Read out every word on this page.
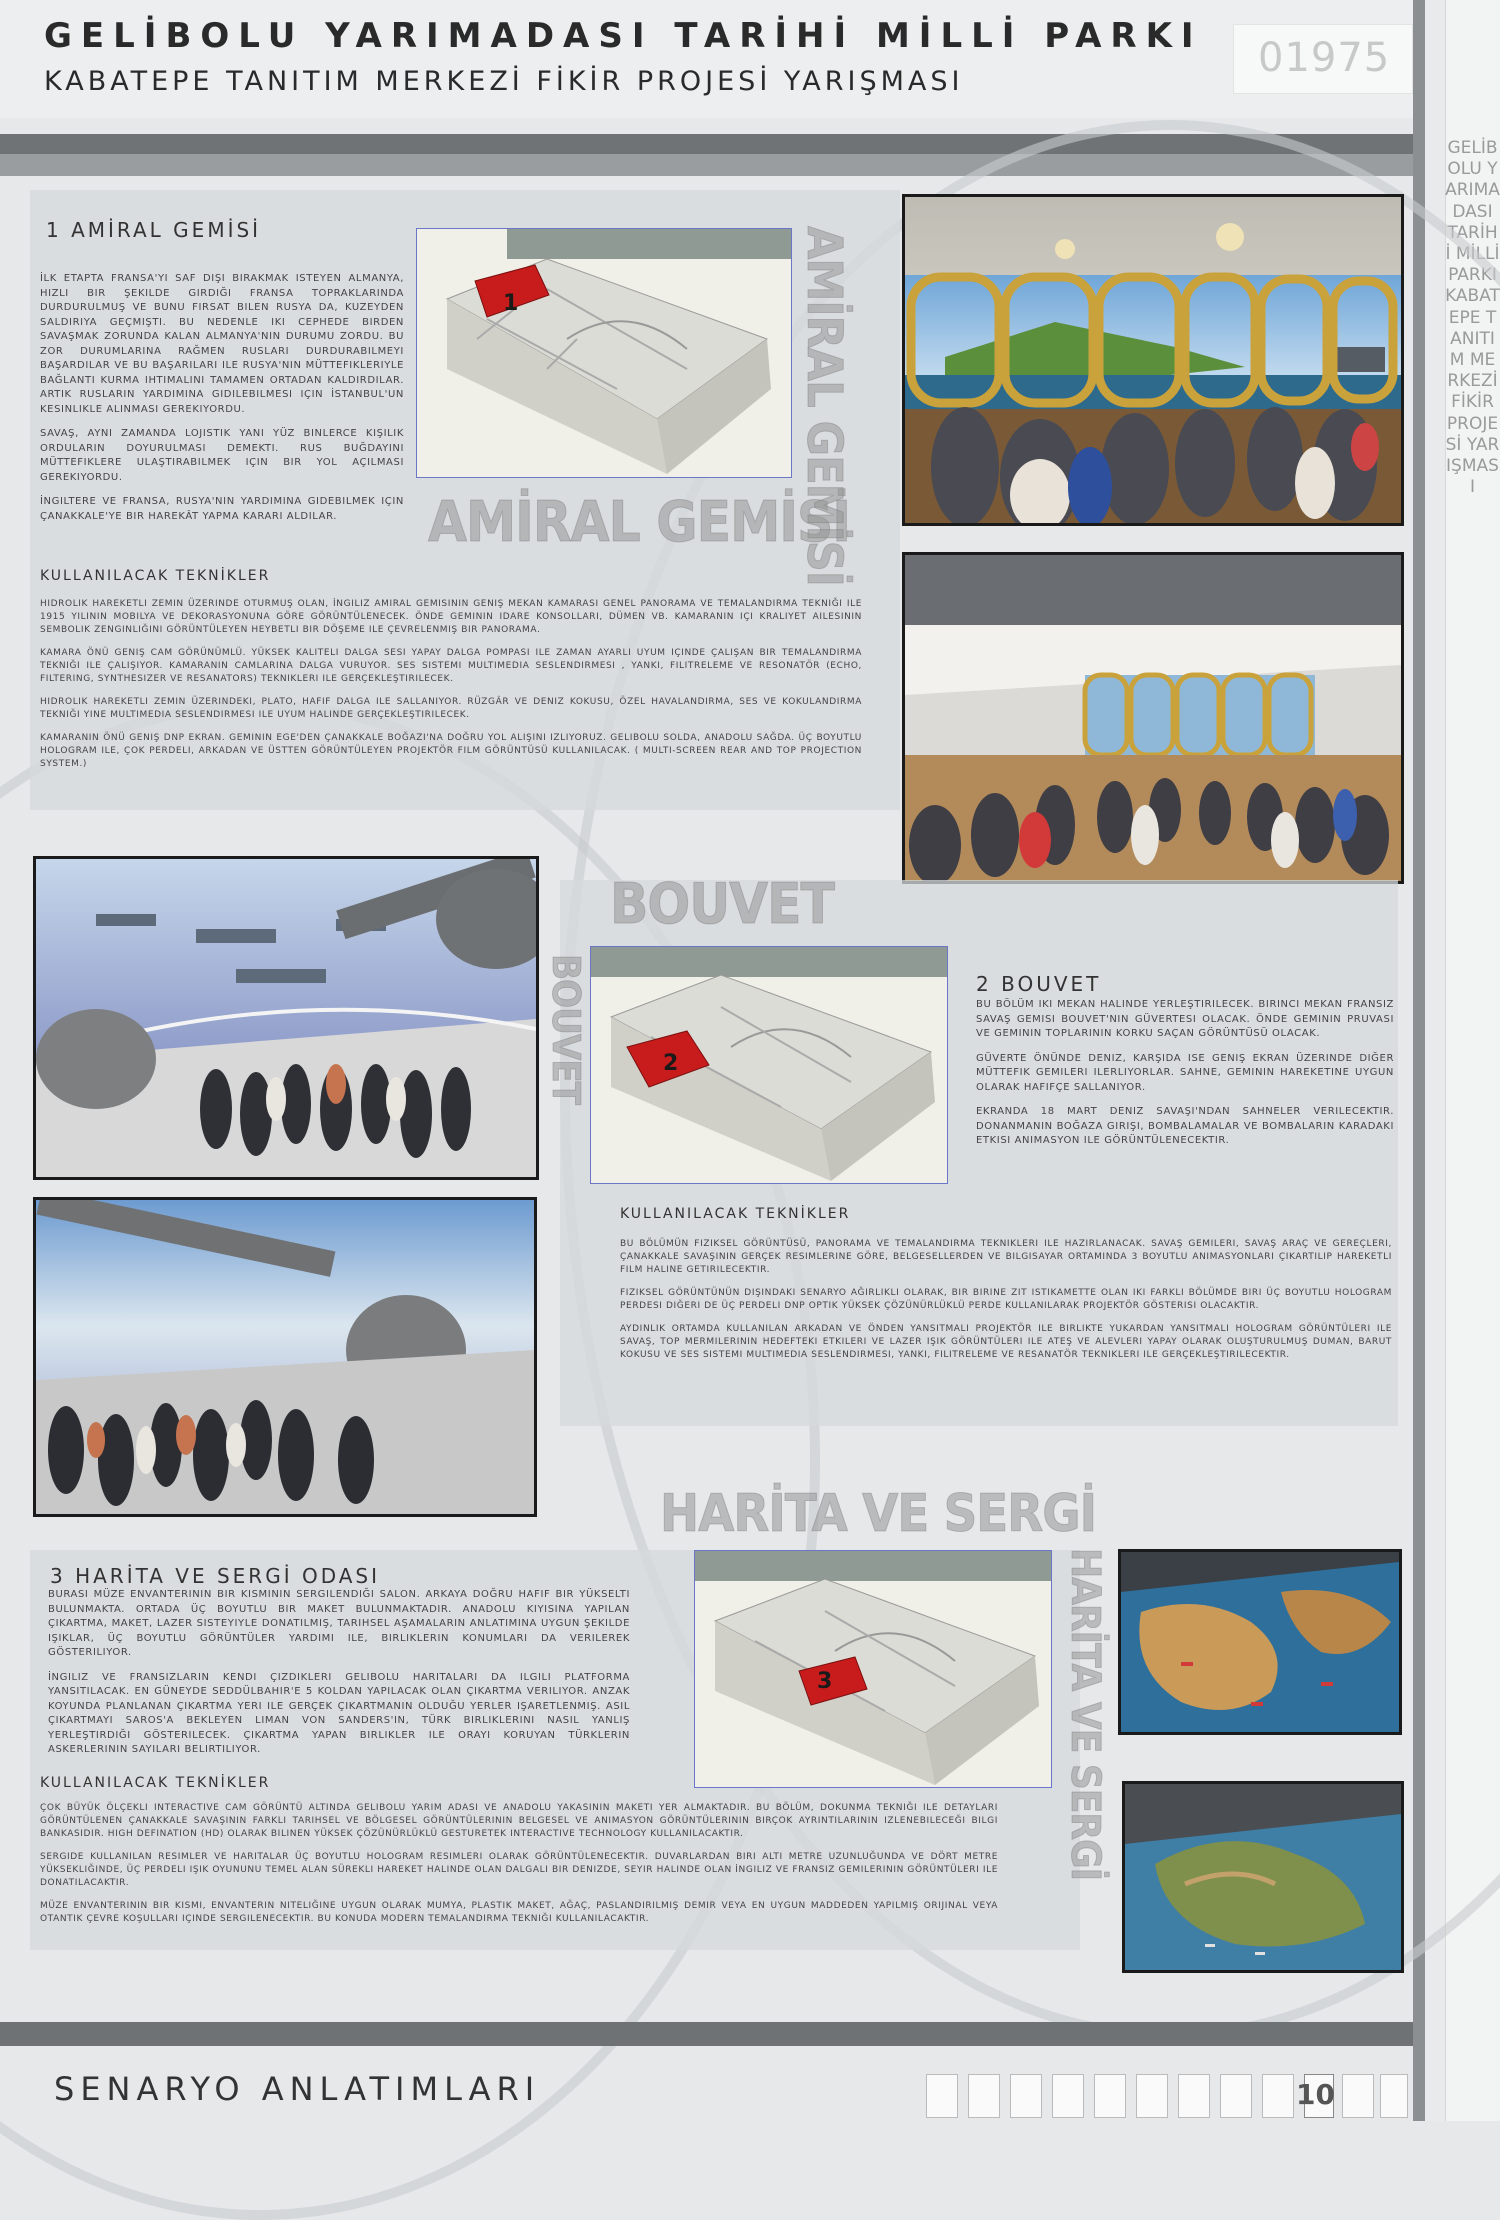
GELİBOLU YARIMADASI TARİHİ MİLLİ PARKI
KABATEPE TANITIM MERKEZİ FİKİR PROJESİ YARIŞMASI
01975
GELİBOLU YARIMADASI TARİHİ MİLLİ PARKI KABATEPE TANITIM MERKEZİ FİKİR PROJESİ YARIŞMASI
1 AMİRAL GEMİSİ

İLK ETAPTA FRANSA'YI SAF DIŞI BIRAKMAK ISTEYEN ALMANYA, HIZLI BIR ŞEKILDE GIRDIĞI FRANSA TOPRAKLARINDA DURDURULMUŞ VE BUNU FIRSAT BILEN RUSYA DA, KUZEYDEN SALDIRIYA GEÇMIŞTI. BU NEDENLE IKI CEPHEDE BIRDEN SAVAŞMAK ZORUNDA KALAN ALMANYA'NIN DURUMU ZORDU. BU ZOR DURUMLARINA RAĞMEN RUSLARI DURDURABILMEYI BAŞARDILAR VE BU BAŞARILARI ILE RUSYA'NIN MÜTTEFIKLERIYLE BAĞLANTI KURMA IHTIMALINI TAMAMEN ORTADAN KALDIRDILAR. ARTIK RUSLARIN YARDIMINA GIDILEBILMESI IÇIN İSTANBUL'UN KESINLIKLE ALINMASI GEREKIYORDU.

SAVAŞ, AYNI ZAMANDA LOJISTIK YANI YÜZ BINLERCE KIŞILIK ORDULARIN DOYURULMASI DEMEKTI. RUS BUĞDAYINI MÜTTEFIKLERE ULAŞTIRABILMEK IÇIN BIR YOL AÇILMASI GEREKIYORDU.

İNGILTERE VE FRANSA, RUSYA'NIN YARDIMINA GIDEBILMEK IÇIN ÇANAKKALE'YE BIR HAREKÂT YAPMA KARARI ALDILAR.

1
AMİRAL GEMİSİ
AMİRAL GEMİSİ
KULLANILACAK TEKNİKLER

HIDROLIK HAREKETLI ZEMIN ÜZERINDE OTURMUŞ OLAN, İNGILIZ AMIRAL GEMISININ GENIŞ MEKAN KAMARASI GENEL PANORAMA VE TEMALANDIRMA TEKNIĞI ILE 1915 YILININ MOBILYA VE DEKORASYONUNA GÖRE GÖRÜNTÜLENECEK. ÖNDE GEMININ IDARE KONSOLLARI, DÜMEN VB. KAMARANIN IÇI KRALIYET AILESININ SEMBOLIK ZENGINLIĞINI GÖRÜNTÜLEYEN HEYBETLI BIR DÖŞEME ILE ÇEVRELENMIŞ BIR PANORAMA.

KAMARA ÖNÜ GENIŞ CAM GÖRÜNÜMLÜ. YÜKSEK KALITELI DALGA SESI YAPAY DALGA POMPASI ILE ZAMAN AYARLI UYUM IÇINDE ÇALIŞAN BIR TEMALANDIRMA TEKNIĞI ILE ÇALIŞIYOR. KAMARANIN CAMLARINA DALGA VURUYOR. SES SISTEMI MULTIMEDIA SESLENDIRMESI , YANKI, FILITRELEME VE RESONATÖR (ECHO, FILTERING, SYNTHESIZER VE RESANATORS) TEKNIKLERI ILE GERÇEKLEŞTIRILECEK.

HIDROLIK HAREKETLI ZEMIN ÜZERINDEKI, PLATO, HAFIF DALGA ILE SALLANIYOR. RÜZGÂR VE DENIZ KOKUSU, ÖZEL HAVALANDIRMA, SES VE KOKULANDIRMA TEKNIĞI YINE MULTIMEDIA SESLENDIRMESI ILE UYUM HALINDE GERÇEKLEŞTIRILECEK.

KAMARANIN ÖNÜ GENIŞ DNP EKRAN. GEMININ EGE'DEN ÇANAKKALE BOĞAZI'NA DOĞRU YOL ALIŞINI IZLIYORUZ. GELIBOLU SOLDA, ANADOLU SAĞDA. ÜÇ BOYUTLU HOLOGRAM ILE, ÇOK PERDELI, ARKADAN VE ÜSTTEN GÖRÜNTÜLEYEN PROJEKTÖR FILM GÖRÜNTÜSÜ KULLANILACAK. ( MULTI-SCREEN REAR AND TOP PROJECTION SYSTEM.)

BOUVET
BOUVET	2
2 BOUVET

BU BÖLÜM IKI MEKAN HALINDE YERLEŞTIRILECEK. BIRINCI MEKAN FRANSIZ SAVAŞ GEMISI BOUVET'NIN GÜVERTESI OLACAK. ÖNDE GEMININ PRUVASI VE GEMININ TOPLARININ KORKU SAÇAN GÖRÜNTÜSÜ OLACAK.

GÜVERTE ÖNÜNDE DENIZ, KARŞIDA ISE GENIŞ EKRAN ÜZERINDE DIĞER MÜTTEFIK GEMILERI ILERLIYORLAR. SAHNE, GEMININ HAREKETINE UYGUN OLARAK HAFIFÇE SALLANIYOR.

EKRANDA 18 MART DENIZ SAVAŞI'NDAN SAHNELER VERILECEKTIR. DONANMANIN BOĞAZA GIRIŞI, BOMBALAMALAR VE BOMBALARIN KARADAKI ETKISI ANIMASYON ILE GÖRÜNTÜLENECEKTIR.

KULLANILACAK TEKNİKLER

BU BÖLÜMÜN FIZIKSEL GÖRÜNTÜSÜ, PANORAMA VE TEMALANDIRMA TEKNIKLERI ILE HAZIRLANACAK. SAVAŞ GEMILERI, SAVAŞ ARAÇ VE GEREÇLERI, ÇANAKKALE SAVAŞININ GERÇEK RESIMLERINE GÖRE, BELGESELLERDEN VE BILGISAYAR ORTAMINDA 3 BOYUTLU ANIMASYONLARI ÇIKARTILIP HAREKETLI FILM HALINE GETIRILECEKTIR.

FIZIKSEL GÖRÜNTÜNÜN DIŞINDAKI SENARYO AĞIRLIKLI OLARAK, BIR BIRINE ZIT ISTIKAMETTE OLAN IKI FARKLI BÖLÜMDE BIRI ÜÇ BOYUTLU HOLOGRAM PERDESI DIĞERI DE ÜÇ PERDELI DNP OPTIK YÜKSEK ÇÖZÜNÜRLÜKLÜ PERDE KULLANILARAK PROJEKTÖR GÖSTERISI OLACAKTIR.

AYDINLIK ORTAMDA KULLANILAN ARKADAN VE ÖNDEN YANSITMALI PROJEKTÖR ILE BIRLIKTE YUKARDAN YANSITMALI HOLOGRAM GÖRÜNTÜLERI ILE SAVAŞ, TOP MERMILERININ HEDEFTEKI ETKILERI VE LAZER IŞIK GÖRÜNTÜLERI ILE ATEŞ VE ALEVLERI YAPAY OLARAK OLUŞTURULMUŞ DUMAN, BARUT KOKUSU VE SES SISTEMI MULTIMEDIA SESLENDIRMESI, YANKI, FILITRELEME VE RESANATÖR TEKNIKLERI ILE GERÇEKLEŞTIRILECEKTIR.

HARİTA VE SERGİ
HARİTA VE SERGİ
3 HARİTA VE SERGİ ODASI

BURASI MÜZE ENVANTERININ BIR KISMININ SERGILENDIĞI SALON. ARKAYA DOĞRU HAFIF BIR YÜKSELTI BULUNMAKTA. ORTADA ÜÇ BOYUTLU BIR MAKET BULUNMAKTADIR. ANADOLU KIYISINA YAPILAN ÇIKARTMA, MAKET, LAZER SISTEYIYLE DONATILMIŞ, TARIHSEL AŞAMALARIN ANLATIMINA UYGUN ŞEKILDE IŞIKLAR, ÜÇ BOYUTLU GÖRÜNTÜLER YARDIMI ILE, BIRLIKLERIN KONUMLARI DA VERILEREK GÖSTERILIYOR.

İNGILIZ VE FRANSIZLARIN KENDI ÇIZDIKLERI GELIBOLU HARITALARI DA ILGILI PLATFORMA YANSITILACAK. EN GÜNEYDE SEDDÜLBAHIR'E 5 KOLDAN YAPILACAK OLAN ÇIKARTMA VERILIYOR. ANZAK KOYUNDA PLANLANAN ÇIKARTMA YERI ILE GERÇEK ÇIKARTMANIN OLDUĞU YERLER IŞARETLENMIŞ. ASIL ÇIKARTMAYI SAROS'A BEKLEYEN LIMAN VON SANDERS'IN, TÜRK BIRLIKLERINI NASIL YANLIŞ YERLEŞTIRDIĞI GÖSTERILECEK. ÇIKARTMA YAPAN BIRLIKLER ILE ORAYI KORUYAN TÜRKLERIN ASKERLERININ SAYILARI BELIRTILIYOR.

3
KULLANILACAK TEKNİKLER

ÇOK BÜYÜK ÖLÇEKLI INTERACTIVE CAM GÖRÜNTÜ ALTINDA GELIBOLU YARIM ADASI VE ANADOLU YAKASININ MAKETI YER ALMAKTADIR. BU BÖLÜM, DOKUNMA TEKNIĞI ILE DETAYLARI GÖRÜNTÜLENEN ÇANAKKALE SAVAŞININ FARKLI TARIHSEL VE BÖLGESEL GÖRÜNTÜLERININ BELGESEL VE ANIMASYON GÖRÜNTÜLERININ BIRÇOK AYRINTILARININ IZLENEBILECEĞI BILGI BANKASIDIR. HIGH DEFINATION (HD) OLARAK BILINEN YÜKSEK ÇÖZÜNÜRLÜKLÜ GESTURETEK INTERACTIVE TECHNOLOGY KULLANILACAKTIR.

SERGIDE KULLANILAN RESIMLER VE HARITALAR ÜÇ BOYUTLU HOLOGRAM RESIMLERI OLARAK GÖRÜNTÜLENECEKTIR. DUVARLARDAN BIRI ALTI METRE UZUNLUĞUNDA VE DÖRT METRE YÜKSEKLIĞINDE, ÜÇ PERDELI IŞIK OYUNUNU TEMEL ALAN SÜREKLI HAREKET HALINDE OLAN DALGALI BIR DENIZDE, SEYIR HALINDE OLAN İNGILIZ VE FRANSIZ GEMILERININ GÖRÜNTÜLERI ILE DONATILACAKTIR.

MÜZE ENVANTERININ BIR KISMI, ENVANTERIN NITELIĞINE UYGUN OLARAK MUMYA, PLASTIK MAKET, AĞAÇ, PASLANDIRILMIŞ DEMIR VEYA EN UYGUN MADDEDEN YAPILMIŞ ORIJINAL VEYA OTANTIK ÇEVRE KOŞULLARI IÇINDE SERGILENECEKTIR. BU KONUDA MODERN TEMALANDIRMA TEKNIĞI KULLANILACAKTIR.

SENARYO ANLATIMLARI	10
